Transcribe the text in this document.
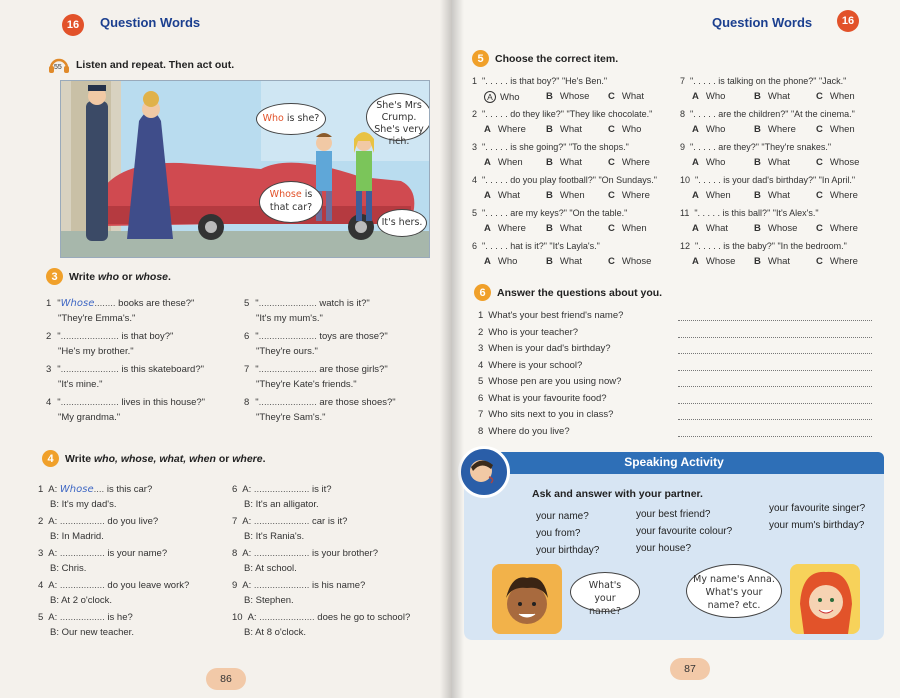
16	Question Words
55 Listen and repeat. Then act out.
Who is she?
She's Mrs Crump. She's very rich.
Whose is that car?
It's hers.
3	Write who or whose.
1 "Whose........ books are these?"
"They're Emma's."
2 "...................... is that boy?"
"He's my brother."
3 "...................... is this skateboard?"
"It's mine."
4 "...................... lives in this house?"
"My grandma."
5 "...................... watch is it?"
"It's my mum's."
6 "...................... toys are those?"
"They're ours."
7 "...................... are those girls?"
"They're Kate's friends."
8 "...................... are those shoes?"
"They're Sam's."
4	Write who, whose, what, when or where.
1 A: Whose.... is this car?
B: It's my dad's.
2 A: ................. do you live?
B: In Madrid.
3 A: ................. is your name?
B: Chris.
4 A: ................. do you leave work?
B: At 2 o'clock.
5 A: ................. is he?
B: Our new teacher.
6 A: ..................... is it?
B: It's an alligator.
7 A: ..................... car is it?
B: It's Rania's.
8 A: ..................... is your brother?
B: At school.
9 A: ..................... is his name?
B: Stephen.
10 A: ..................... does he go to school?
B: At 8 o'clock.
86
Question Words	16
5	Choose the correct item.
1 ". . . . . is that boy?" "He's Ben."
A Who	B Whose	C What
2 ". . . . . do they like?" "They like chocolate."
A Where	B What	C Who
3 ". . . . . is she going?" "To the shops."
A When	B What	C Where
4 ". . . . . do you play football?" "On Sundays."
A What	B When	C Where
5 ". . . . . are my keys?" "On the table."
A Where	B What	C When
6 ". . . . . hat is it?" "It's Layla's."
A Who	B What	C Whose
7 ". . . . . is talking on the phone?" "Jack."
A Who	B What	C When
8 ". . . . . are the children?" "At the cinema."
A Who	B Where	C When
9 ". . . . . are they?" "They're snakes."
A Who	B What	C Whose
10 ". . . . . is your dad's birthday?" "In April."
A When	B What	C Where
11 ". . . . . is this ball?" "It's Alex's."
A What	B Whose	C Where
12 ". . . . . is the baby?" "In the bedroom."
A Whose	B What	C Where
6	Answer the questions about you.
1 What's your best friend's name?
2 Who is your teacher?
3 When is your dad's birthday?
4 Where is your school?
5 Whose pen are you using now?
6 What is your favourite food?
7 Who sits next to you in class?
8 Where do you live?
87
Speaking Activity
Ask and answer with your partner.
your name?
you from?
your birthday?
your best friend?
your favourite colour?
your house?
your favourite singer?
your mum's birthday?
What's your name?
My name's Anna. What's your name? etc.
